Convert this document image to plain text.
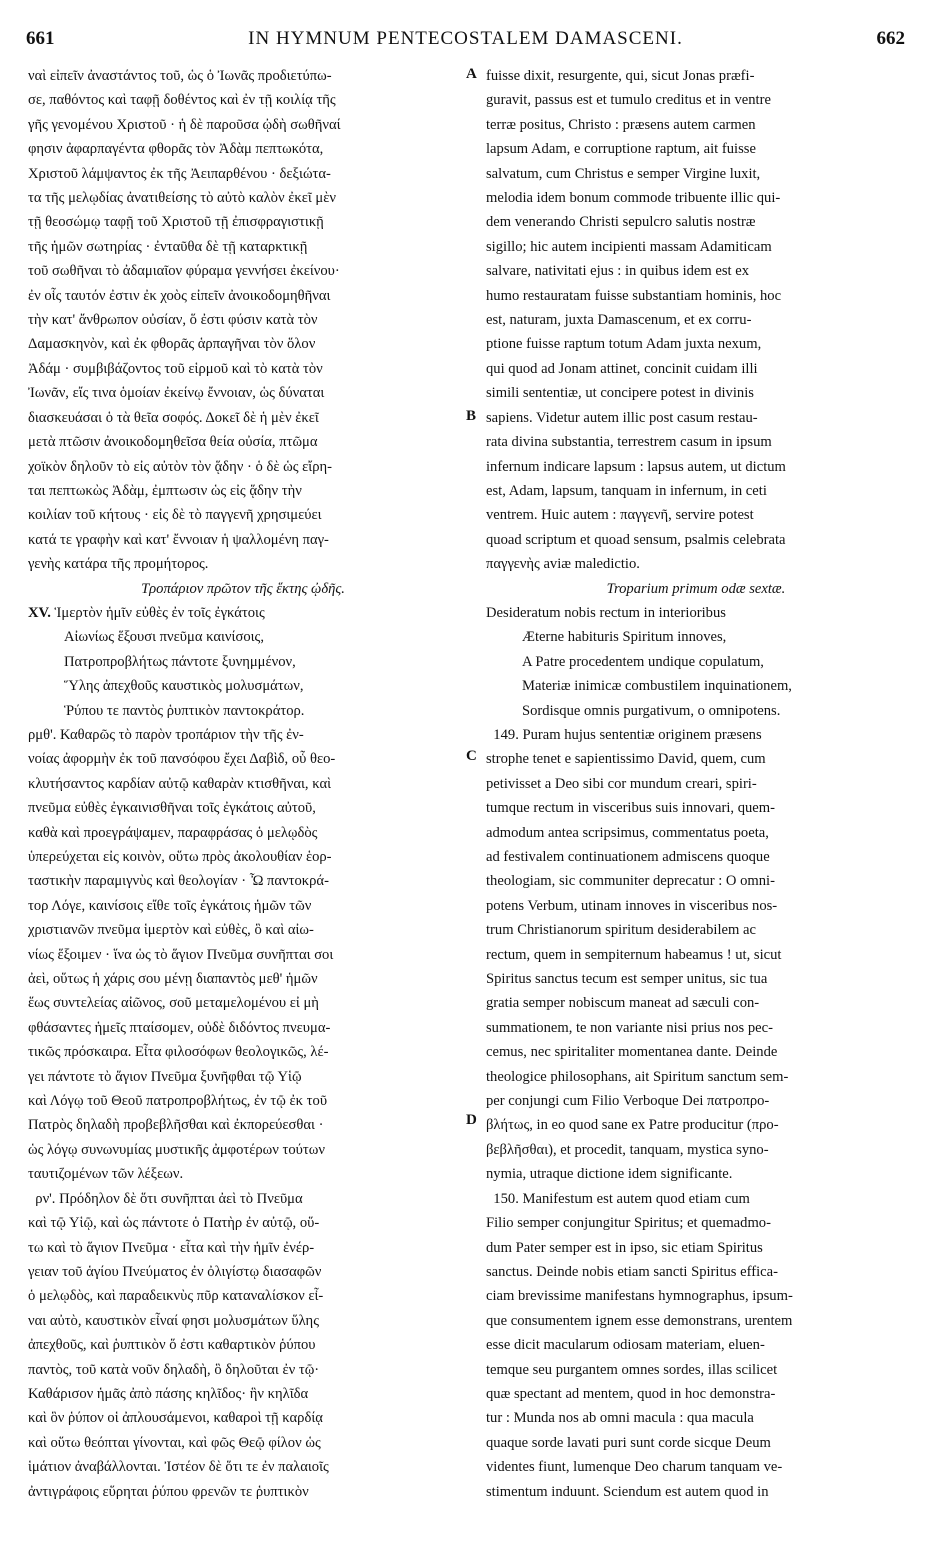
661	IN HYMNUM PENTECOSTALEM DAMASCENI.	662

ναὶ εἰπεῖν ἀναστάντος τοῦ, ὡς ὁ Ἰωνᾶς προδιετύπω-

σε, παθόντος καὶ ταφῇ δοθέντος καὶ ἐν τῇ κοιλίᾳ τῆς

γῆς γενομένου Χριστοῦ · ἡ δὲ παροῦσα ᾠδὴ σωθῆναί

φησιν ἀφαρπαγέντα φθορᾶς τὸν Ἀδὰμ πεπτωκότα,

Χριστοῦ λάμψαντος ἐκ τῆς Ἀειπαρθένου · δεξιώτα-

τα τῆς μελῳδίας ἀνατιθείσης τὸ αὐτὸ καλὸν ἐκεῖ μὲν

τῇ θεοσώμῳ ταφῇ τοῦ Χριστοῦ τῇ ἐπισφραγιστικῇ

τῆς ἡμῶν σωτηρίας · ἐνταῦθα δὲ τῇ καταρκτικῇ

τοῦ σωθῆναι τὸ ἀδαμιαῖον φύραμα γεννήσει ἐκείνου·

ἐν οἷς ταυτόν ἐστιν ἐκ χοὸς εἰπεῖν ἀνοικοδομηθῆναι

τὴν κατ' ἄνθρωπον οὐσίαν, ὅ ἐστι φύσιν κατὰ τὸν

Δαμασκηνὸν, καὶ ἐκ φθορᾶς ἁρπαγῆναι τὸν ὅλον

Ἀδάμ · συμβιβάζοντος τοῦ εἱρμοῦ καὶ τὸ κατὰ τὸν

Ἰωνᾶν, εἴς τινα ὁμοίαν ἐκείνῳ ἔννοιαν, ὡς δύναται

διασκευάσαι ὁ τὰ θεῖα σοφός. Δοκεῖ δὲ ἡ μὲν ἐκεῖ

μετὰ πτῶσιν ἀνοικοδομηθεῖσα θεία οὐσία, πτῶμα

χοϊκὸν δηλοῦν τὸ εἰς αὐτὸν τὸν ᾅδην · ὁ δὲ ὡς εἴρη-

ται πεπτωκὼς Ἀδὰμ, ἐμπτωσιν ὡς εἰς ᾅδην τὴν

κοιλίαν τοῦ κήτους · εἰς δὲ τὸ παγγενῆ χρησιμεύει

κατά τε γραφὴν καὶ κατ' ἔννοιαν ἡ ψαλλομένη παγ-

γενὴς κατάρα τῆς προμήτορος.

Τροπάριον πρῶτον τῆς ἕκτης ᾠδῆς.

XV. Ἱμερτὸν ἡμῖν εὐθὲς ἐν τοῖς ἐγκάτοις

Αἰωνίως ἕξουσι πνεῦμα καινίσοις,

Πατροπροβλήτως πάντοτε ξυνημμένον,

Ὕλης ἀπεχθοῦς καυστικὸς μολυσμάτων,

Ῥύπου τε παντὸς ῥυπτικὸν παντοκράτορ.

ρμθ'. Καθαρῶς τὸ παρὸν τροπάριον τὴν τῆς ἐν-

νοίας ἀφορμὴν ἐκ τοῦ πανσόφου ἔχει Δαβὶδ, οὗ θεο-

κλυτήσαντος καρδίαν αὐτῷ καθαρὰν κτισθῆναι, καὶ

πνεῦμα εὐθὲς ἐγκαινισθῆναι τοῖς ἐγκάτοις αὐτοῦ,

καθὰ καὶ προεγράψαμεν, παραφράσας ὁ μελῳδὸς

ὑπερεύχεται εἰς κοινὸν, οὕτω πρὸς ἀκολουθίαν ἑορ-

ταστικὴν παραμιγνὺς καὶ θεολογίαν · Ὦ παντοκρά-

τορ Λόγε, καινίσοις εἴθε τοῖς ἐγκάτοις ἡμῶν τῶν

χριστιανῶν πνεῦμα ἱμερτὸν καὶ εὐθὲς, ὃ καὶ αἰω-

νίως ἕξοιμεν · ἵνα ὡς τὸ ἅγιον Πνεῦμα συνῆπται σοι

ἀεὶ, οὕτως ἡ χάρις σου μένῃ διαπαντὸς μεθ' ἡμῶν

ἕως συντελείας αἰῶνος, σοῦ μεταμελομένου εἰ μὴ

φθάσαντες ἡμεῖς πταίσομεν, οὐδὲ διδόντος πνευμα-

τικῶς πρόσκαιρα. Εἶτα φιλοσόφων θεολογικῶς, λέ-

γει πάντοτε τὸ ἅγιον Πνεῦμα ξυνῆφθαι τῷ Υἱῷ

καὶ Λόγῳ τοῦ Θεοῦ πατροπροβλήτως, ἐν τῷ ἐκ τοῦ

Πατρὸς δηλαδὴ προβεβλῆσθαι καὶ ἐκπορεύεσθαι ·

ὡς λόγῳ συνωνυμίας μυστικῆς ἀμφοτέρων τούτων

ταυτιζομένων τῶν λέξεων.

ρν'. Πρόδηλον δὲ ὅτι συνῆπται ἀεὶ τὸ Πνεῦμα

καὶ τῷ Υἱῷ, καὶ ὡς πάντοτε ὁ Πατὴρ ἐν αὐτῷ, οὕ-

τω καὶ τὸ ἅγιον Πνεῦμα · εἶτα καὶ τὴν ἡμῖν ἐνέρ-

γειαν τοῦ ἁγίου Πνεύματος ἐν ὀλιγίστῳ διασαφῶν

ὁ μελῳδὸς, καὶ παραδεικνὺς πῦρ καταναλίσκον εἶ-

ναι αὐτὸ, καυστικὸν εἶναί φησι μολυσμάτων ὕλης

ἀπεχθοῦς, καὶ ῥυπτικὸν ὅ ἐστι καθαρτικὸν ῥύπου

παντὸς, τοῦ κατὰ νοῦν δηλαδὴ, ὃ δηλοῦται ἐν τῷ·

Καθάρισον ἡμᾶς ἀπὸ πάσης κηλῖδος· ἣν κηλῖδα

καὶ ὃν ῥύπον οἱ ἀπλουσάμενοι, καθαροὶ τῇ καρδίᾳ

καὶ οὕτω θεόπται γίνονται, καὶ φῶς Θεῷ φίλον ὡς

ἱμάτιον ἀναβάλλονται. Ἰστέον δὲ ὅτι τε ἐν παλαιοῖς

ἀντιγράφοις εὕρηται ῥύπου φρενῶν τε ῥυπτικὸν

fuisse dixit, resurgente, qui, sicut Jonas præfi-

guravit, passus est et tumulo creditus et in ventre

terræ positus, Christo : præsens autem carmen

lapsum Adam, e corruptione raptum, ait fuisse

salvatum, cum Christus e semper Virgine luxit,

melodia idem bonum commode tribuente illic qui-

dem venerando Christi sepulcro salutis nostræ

sigillo; hic autem incipienti massam Adamiticam

salvare, nativitati ejus : in quibus idem est ex

humo restauratam fuisse substantiam hominis, hoc

est, naturam, juxta Damascenum, et ex corru-

ptione fuisse raptum totum Adam juxta nexum,

qui quod ad Jonam attinet, concinit cuidam illi

simili sententiæ, ut concipere potest in divinis

sapiens. Videtur autem illic post casum restau-

rata divina substantia, terrestrem casum in ipsum

infernum indicare lapsum : lapsus autem, ut dictum

est, Adam, lapsum, tanquam in infernum, in ceti

ventrem. Huic autem : παγγενῆ, servire potest

quoad scriptum et quoad sensum, psalmis celebrata

παγγενὴς aviæ maledictio.

Troparium primum odæ sextæ.

Desideratum nobis rectum in interioribus

Æterne habituris Spiritum innoves,

A Patre procedentem undique copulatum,

Materiæ inimicæ combustilem inquinationem,

Sordisque omnis purgativum, o omnipotens.

149. Puram hujus sententiæ originem præsens

strophe tenet e sapientissimo David, quem, cum

petivisset a Deo sibi cor mundum creari, spiri-

tumque rectum in visceribus suis innovari, quem-

admodum antea scripsimus, commentatus poeta,

ad festivalem continuationem admiscens quoque

theologiam, sic communiter deprecatur : O omni-

potens Verbum, utinam innoves in visceribus nos-

trum Christianorum spiritum desiderabilem ac

rectum, quem in sempiternum habeamus ! ut, sicut

Spiritus sanctus tecum est semper unitus, sic tua

gratia semper nobiscum maneat ad sæculi con-

summationem, te non variante nisi prius nos pec-

cemus, nec spiritaliter momentanea dante. Deinde

theologice philosophans, ait Spiritum sanctum sem-

per conjungi cum Filio Verboque Dei πατροπρο-

βλήτως, in eo quod sane ex Patre producitur (προ-

βεβλῆσθαι), et procedit, tanquam, mystica syno-

nymia, utraque dictione idem significante.

150. Manifestum est autem quod etiam cum

Filio semper conjungitur Spiritus; et quemadmo-

dum Pater semper est in ipso, sic etiam Spiritus

sanctus. Deinde nobis etiam sancti Spiritus effica-

ciam brevissime manifestans hymnographus, ipsum-

que consumentem ignem esse demonstrans, urentem

esse dicit macularum odiosam materiam, eluen-

temque seu purgantem omnes sordes, illas scilicet

quæ spectant ad mentem, quod in hoc demonstra-

tur : Munda nos ab omni macula : qua macula

quaque sorde lavati puri sunt corde sicque Deum

videntes fiunt, lumenque Deo charum tanquam ve-

stimentum induunt. Sciendum est autem quod in

A
B
C
D
